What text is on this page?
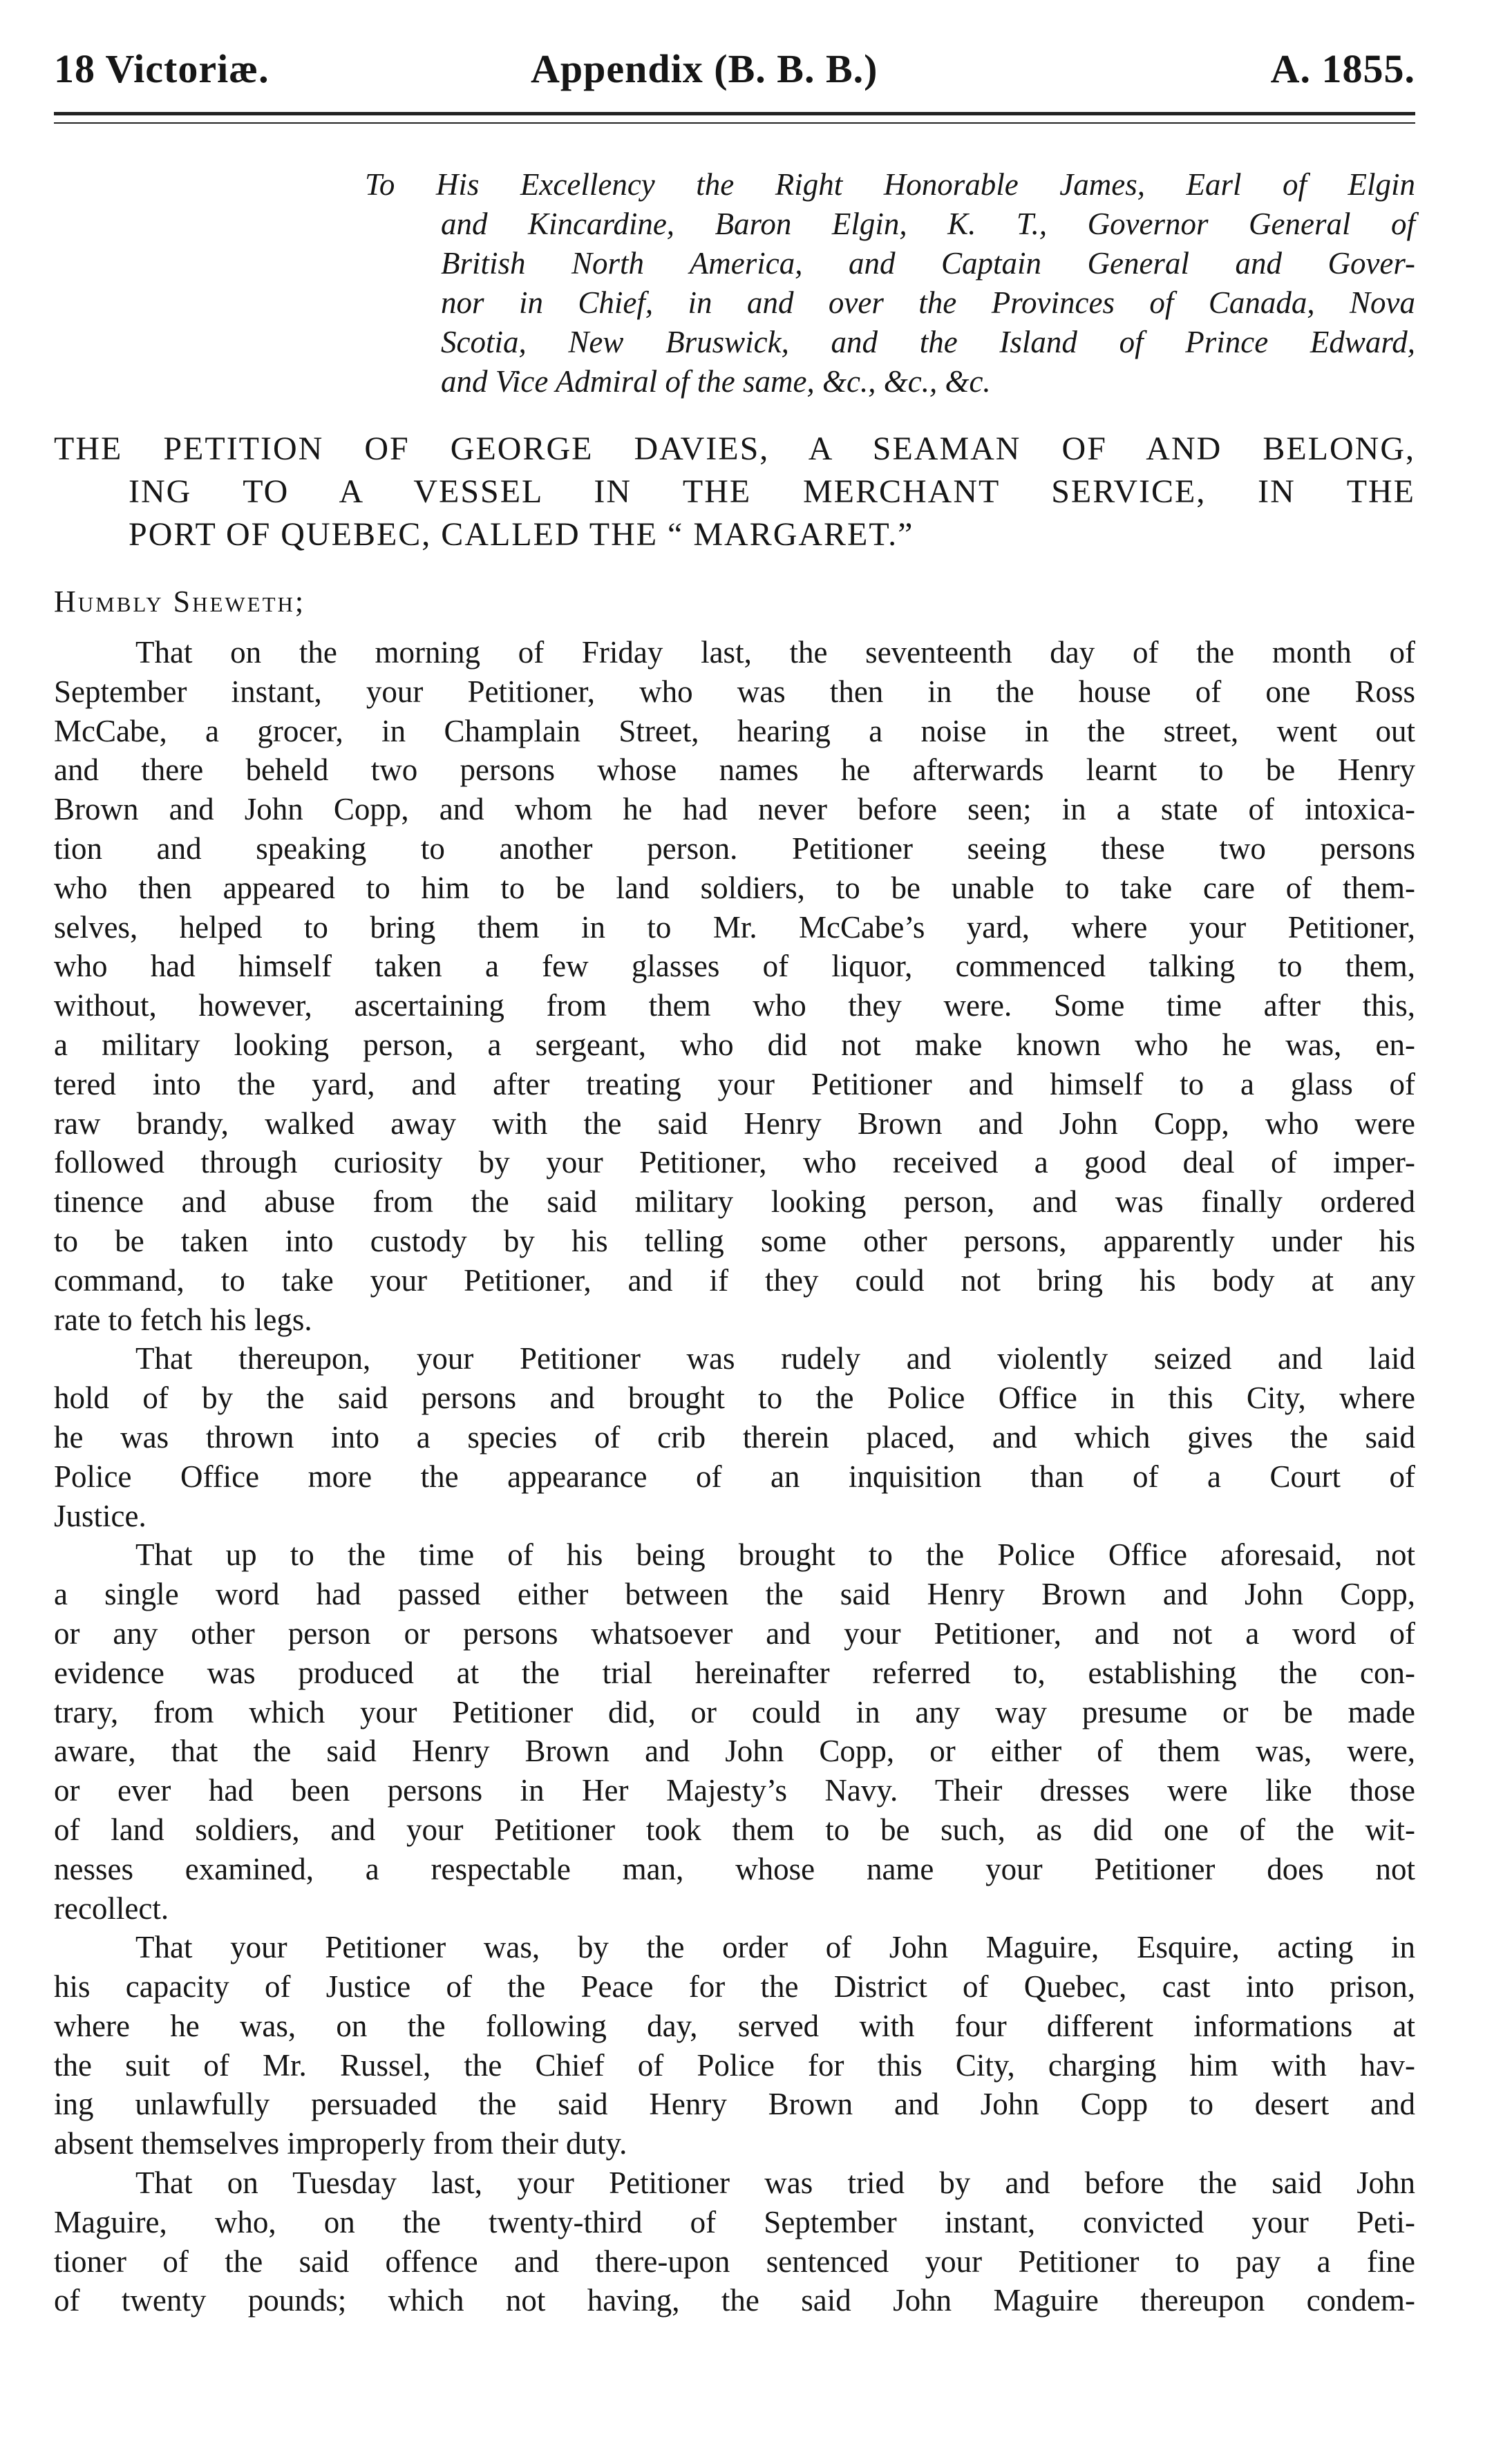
18 Victoriæ.	Appendix (B. B. B.)	A. 1855.
To His Excellency the Right Honorable James, Earl of Elgin
and Kincardine, Baron Elgin, K. T., Governor General of
British North America, and Captain General and Gover-
nor in Chief, in and over the Provinces of Canada, Nova
Scotia, New Bruswick, and the Island of Prince Edward,
and Vice Admiral of the same, &c., &c., &c.
THE PETITION OF GEORGE DAVIES, A SEAMAN OF AND BELONG,
ING TO A VESSEL IN THE MERCHANT SERVICE, IN THE
PORT OF QUEBEC, CALLED THE “ MARGARET.”
Humbly Sheweth;

That on the morning of Friday last, the seventeenth day of the month of
September instant, your Petitioner, who was then in the house of one Ross
McCabe, a grocer, in Champlain Street, hearing a noise in the street, went out
and there beheld two persons whose names he afterwards learnt to be Henry
Brown and John Copp, and whom he had never before seen; in a state of intoxica-
tion and speaking to another person. Petitioner seeing these two persons
who then appeared to him to be land soldiers, to be unable to take care of them-
selves, helped to bring them in to Mr. McCabe’s yard, where your Petitioner,
who had himself taken a few glasses of liquor, commenced talking to them,
without, however, ascertaining from them who they were. Some time after this,
a military looking person, a sergeant, who did not make known who he was, en-
tered into the yard, and after treating your Petitioner and himself to a glass of
raw brandy, walked away with the said Henry Brown and John Copp, who were
followed through curiosity by your Petitioner, who received a good deal of imper-
tinence and abuse from the said military looking person, and was finally ordered
to be taken into custody by his telling some other persons, apparently under his
command, to take your Petitioner, and if they could not bring his body at any
rate to fetch his legs.

That thereupon, your Petitioner was rudely and violently seized and laid
hold of by the said persons and brought to the Police Office in this City, where
he was thrown into a species of crib therein placed, and which gives the said
Police Office more the appearance of an inquisition than of a Court of
Justice.

That up to the time of his being brought to the Police Office aforesaid, not
a single word had passed either between the said Henry Brown and John Copp,
or any other person or persons whatsoever and your Petitioner, and not a word of
evidence was produced at the trial hereinafter referred to, establishing the con-
trary, from which your Petitioner did, or could in any way presume or be made
aware, that the said Henry Brown and John Copp, or either of them was, were,
or ever had been persons in Her Majesty’s Navy. Their dresses were like those
of land soldiers, and your Petitioner took them to be such, as did one of the wit-
nesses examined, a respectable man, whose name your Petitioner does not
recollect.

That your Petitioner was, by the order of John Maguire, Esquire, acting in
his capacity of Justice of the Peace for the District of Quebec, cast into prison,
where he was, on the following day, served with four different informations at
the suit of Mr. Russel, the Chief of Police for this City, charging him with hav-
ing unlawfully persuaded the said Henry Brown and John Copp to desert and
absent themselves improperly from their duty.

That on Tuesday last, your Petitioner was tried by and before the said John
Maguire, who, on the twenty-third of September instant, convicted your Peti-
tioner of the said offence and there-upon sentenced your Petitioner to pay a fine
of twenty pounds; which not having, the said John Maguire thereupon condem-
